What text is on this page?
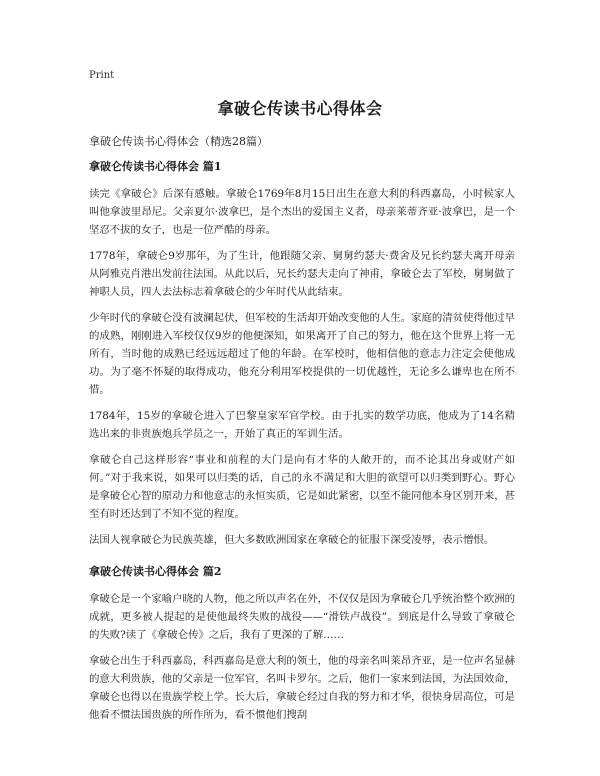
Print
拿破仑传读书心得体会
拿破仑传读书心得体会（精选28篇）
拿破仑传读书心得体会 篇1

读完《拿破仑》后深有感触。拿破仑1769年8月15日出生在意大利的科西嘉岛，小时候家人叫他拿波里昂尼。父亲夏尔·波拿巴，是个杰出的爱国主义者，母亲莱蒂齐亚·波拿巴，是一个坚忍不拔的女子，也是一位严酷的母亲。

1778年，拿破仑9岁那年，为了生计，他跟随父亲、舅舅约瑟夫·费舍及兄长约瑟夫离开母亲从阿雅克肖港出发前往法国。从此以后，兄长约瑟夫走向了神甫，拿破仑去了军校，舅舅做了神职人员，四人去法标志着拿破仑的少年时代从此结束。

少年时代的拿破仑没有波澜起伏，但军校的生活却开始改变他的人生。家庭的清贫使得他过早的成熟，刚刚进入军校仅仅9岁的他便深知，如果离开了自己的努力，他在这个世界上将一无所有，当时他的成熟已经远远超过了他的年龄。在军校时，他相信他的意志力注定会使他成功。为了毫不怀疑的取得成功，他充分利用军校提供的一切优越性，无论多么谦卑也在所不惜。

1784年，15岁的拿破仑进入了巴黎皇家军官学校。由于扎实的数学功底，他成为了14名精选出来的非贵族炮兵学员之一，开始了真正的军训生活。

拿破仑自己这样形容“事业和前程的大门是向有才华的人敞开的，而不论其出身或财产如何。”对于我来说，如果可以归类的话，自己的永不满足和大胆的欲望可以归类到野心。野心是拿破仑心智的原动力和他意志的永恒实质，它是如此紧密，以至不能同他本身区别开来，甚至有时还达到了不知不觉的程度。

法国人视拿破仑为民族英雄，但大多数欧洲国家在拿破仑的征服下深受凌辱，表示憎恨。

拿破仑传读书心得体会 篇2

拿破仑是一个家喻户晓的人物，他之所以声名在外，不仅仅是因为拿破仑几乎统治整个欧洲的成就，更多被人提起的是使他最终失败的战役——“滑铁卢战役”。到底是什么导致了拿破仑的失败?读了《拿破仑传》之后，我有了更深的了解……

拿破仑出生于科西嘉岛，科西嘉岛是意大利的领土，他的母亲名叫莱昂齐亚，是一位声名显赫的意大利贵族，他的父亲是一位军官，名叫卡罗尔。之后，他们一家来到法国，为法国效命，拿破仑也得以在贵族学校上学。长大后，拿破仑经过自我的努力和才华，很快身居高位，可是他看不惯法国贵族的所作所为，看不惯他们搜刮
